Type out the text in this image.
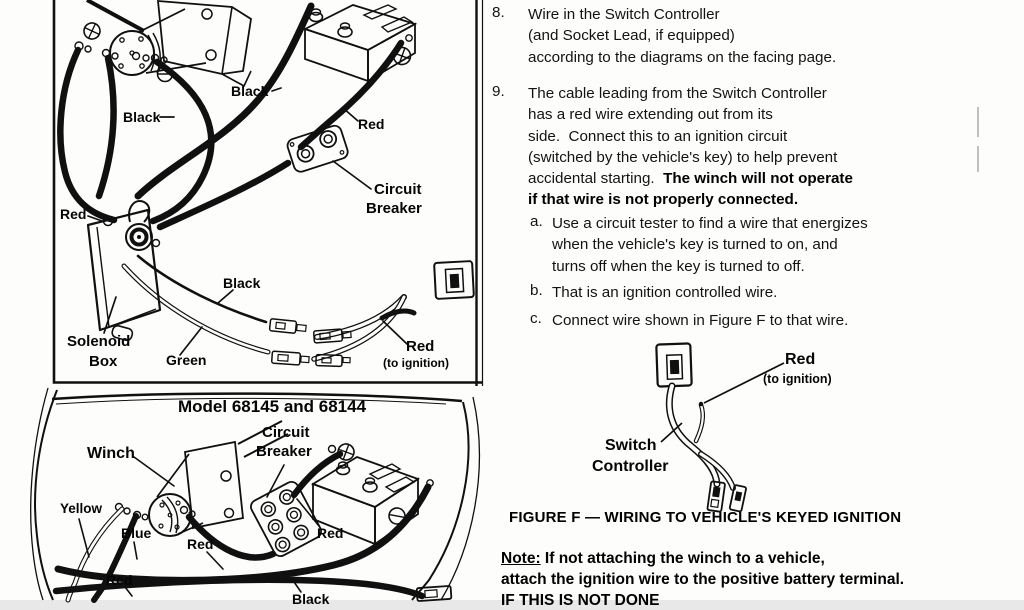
Black
Black
Red
Circuit
Breaker
Red
Solenoid
Box	Green
Black
Red
(to ignition)
Model 68145 and 68144
Winch
Circuit
Breaker
Yellow
Blue
Red
Red
Red
Black
Red
(to ignition)
Switch
Controller
8. Wire in the Switch Controller
(and Socket Lead, if equipped)
according to the diagrams on the facing page.
9. The cable leading from the Switch Controller
has a red wire extending out from its
side.  Connect this to an ignition circuit
(switched by the vehicle's key) to help prevent
accidental starting.  The winch will not operate
if that wire is not properly connected.
a. Use a circuit tester to find a wire that energizes
when the vehicle's key is turned to on, and
turns off when the key is turned to off.
b. That is an ignition controlled wire.
c. Connect wire shown in Figure F to that wire.
FIGURE F — WIRING TO VEHICLE'S KEYED IGNITION
Note: If not attaching the winch to a vehicle,
attach the ignition wire to the positive battery terminal.
IF THIS IS NOT DONE
